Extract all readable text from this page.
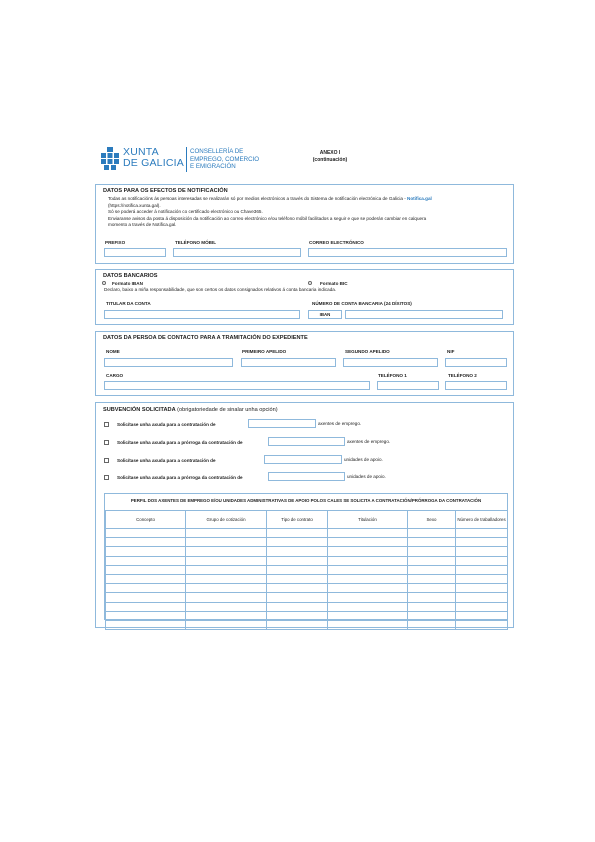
XUNTA
DE GALICIA
CONSELLERÍA DE
EMPREGO, COMERCIO
E EMIGRACIÓN
ANEXO I
(continuación)
DATOS PARA OS EFECTOS DE NOTIFICACIÓN
Todas as notificacións ás persoas interesadas se realizarán só por medios electrónicos a través do Sistema de notificación electrónica de Galicia - Notifica.gal
(https://notifica.xunta.gal).
Só se poderá acceder á notificación co certificado electrónico ou Chave365.
Enviaranse avisos da posta á disposición da notificación ao correo electrónico e/ou teléfono móbil facilitados a seguir e que se poderán cambiar en calquera
momento a través de Notifica.gal.
PREFIXO	TELÉFONO MÓBIL	CORREO ELECTRÓNICO
DATOS BANCARIOS
Formato IBAN	Formato BIC
Declaro, baixo a miña responsabilidade, que son certos os datos consignados relativos á conta bancaria indicada.
TITULAR DA CONTA	NÚMERO DE CONTA BANCARIA (24 DÍXITOS)
IBAN
DATOS DA PERSOA DE CONTACTO PARA A TRAMITACIÓN DO EXPEDIENTE
NOME	PRIMEIRO APELIDO	SEGUNDO APELIDO	NIF
CARGO	TELÉFONO 1	TELÉFONO 2
SUBVENCIÓN SOLICITADA (obrigatoriedade de sinalar unha opción)
Solicítase unha axuda para a contratación de	axentes de emprego.
Solicítase unha axuda para a prórroga da contratación de	axentes de emprego.
Solicítase unha axuda para a contratación de	unidades de apoio.
Solicítase unha axuda para a prórroga da contratación de	unidades de apoio.
PERFIL DOS AXENTES DE EMPREGO E/OU UNIDADES ADMINISTRATIVAS DE APOIO POLOS CALES SE SOLICITA A CONTRATACIÓN/PRÓRROGA DA CONTRATACIÓN
Concepto	Grupo de cotización	Tipo de contrato	Titulación	Sexo	Número de traballadores
